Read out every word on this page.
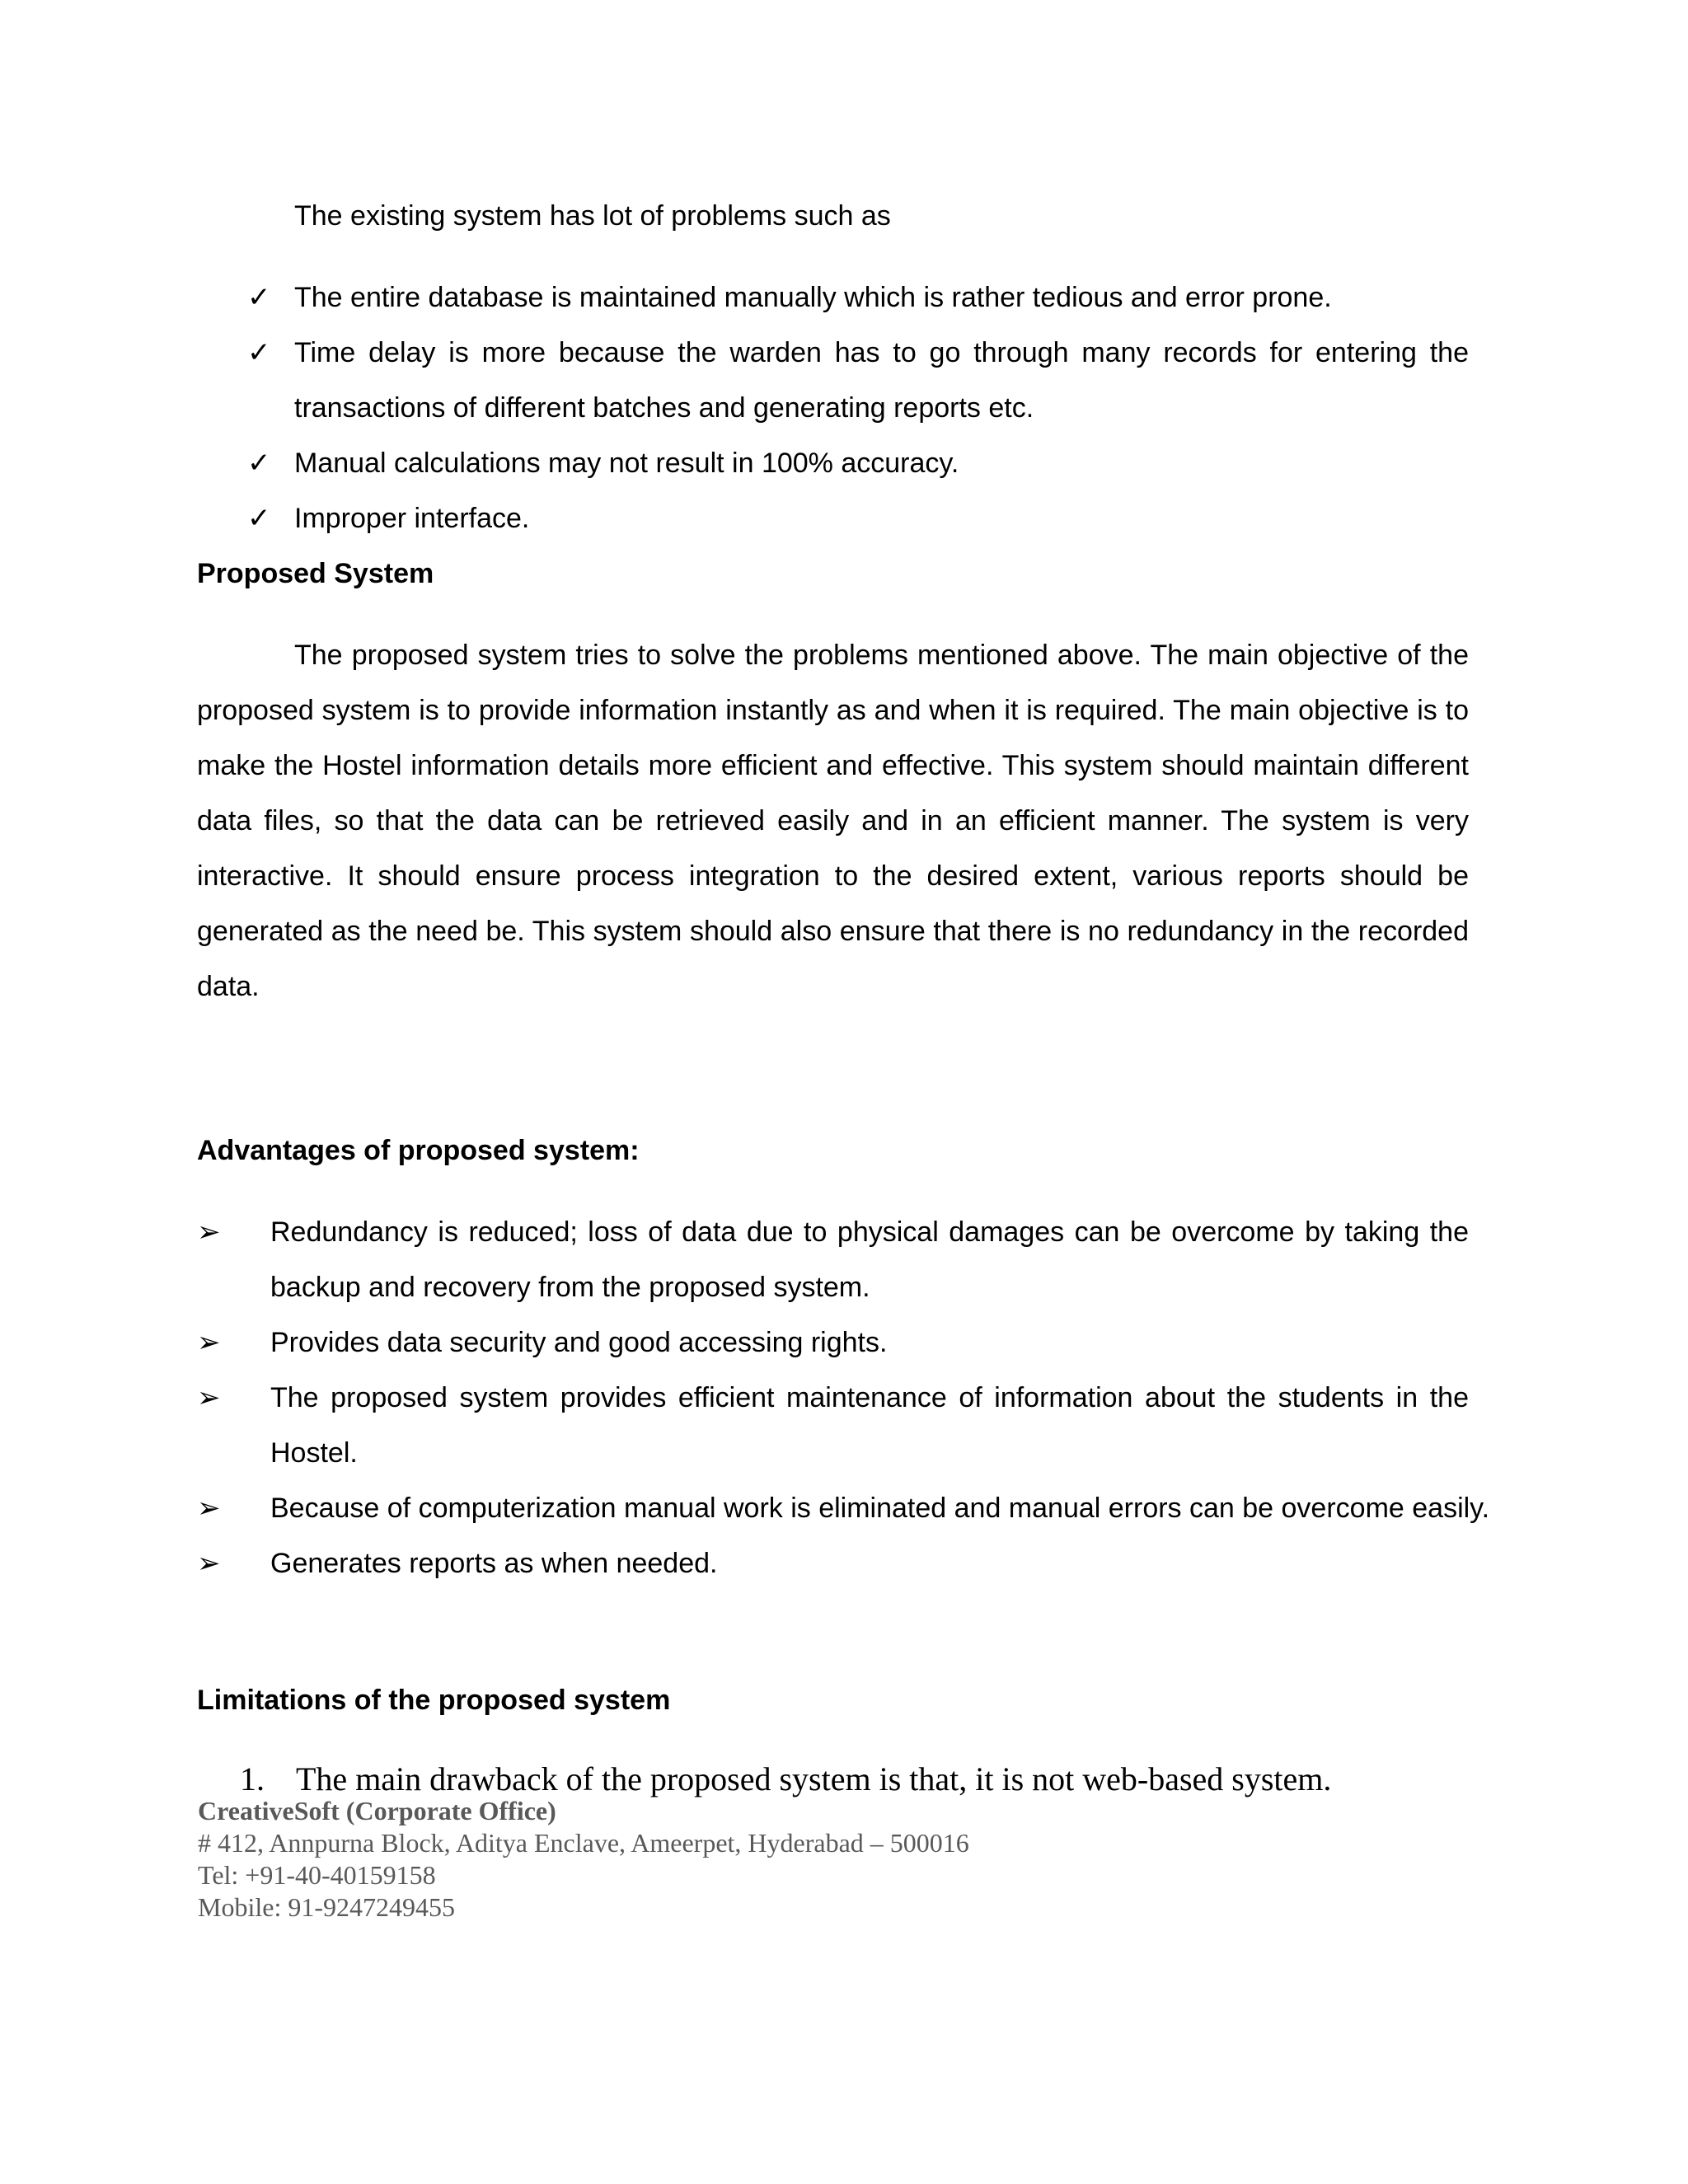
The existing system has lot of problems such as
✓ The entire database is maintained manually which is rather tedious and error prone.
✓ Time delay is more because the warden has to go through many records for entering the transactions of different batches and generating reports etc.
✓ Manual calculations may not result in 100% accuracy.
✓ Improper interface.
Proposed System
The proposed system tries to solve the problems mentioned above. The main objective of the proposed system is to provide information instantly as and when it is required. The main objective is to make the Hostel information details more efficient and effective. This system should maintain different data files, so that the data can be retrieved easily and in an efficient manner. The system is very interactive. It should ensure process integration to the desired extent, various reports should be generated as the need be. This system should also ensure that there is no redundancy in the recorded data.
Advantages of proposed system:
➢ Redundancy is reduced; loss of data due to physical damages can be overcome by taking the backup and recovery from the proposed system.
➢ Provides data security and good accessing rights.
➢ The proposed system provides efficient maintenance of information about the students in the Hostel.
➢ Because of computerization manual work is eliminated and manual errors can be overcome easily.
➢ Generates reports as when needed.
Limitations of the proposed system
1. The main drawback of the proposed system is that, it is not web-based system.
CreativeSoft (Corporate Office)
# 412, Annpurna Block, Aditya Enclave, Ameerpet, Hyderabad – 500016
Tel: +91-40-40159158
Mobile: 91-9247249455
